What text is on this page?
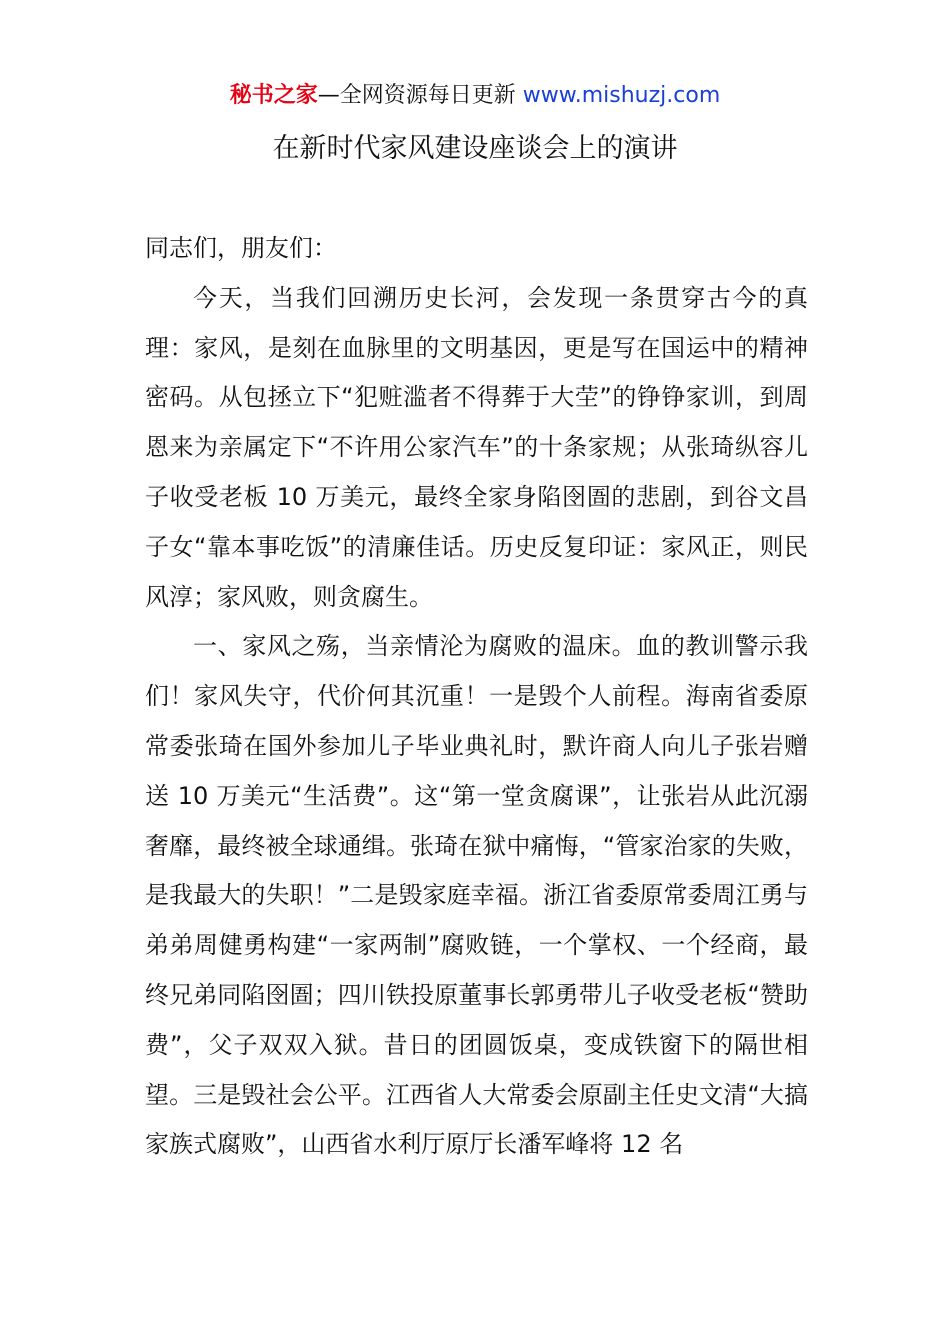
秘书之家—全网资源每日更新 www.mishuzj.com
在新时代家风建设座谈会上的演讲

同志们，朋友们：

今天，当我们回溯历史长河，会发现一条贯穿古今的真理：家风，是刻在血脉里的文明基因，更是写在国运中的精神密码。从包拯立下“犯赃滥者不得葬于大茔”的铮铮家训，到周恩来为亲属定下“不许用公家汽车”的十条家规；从张琦纵容儿子收受老板 10 万美元，最终全家身陷囹圄的悲剧，到谷文昌子女“靠本事吃饭”的清廉佳话。历史反复印证：家风正，则民风淳；家风败，则贪腐生。

一、家风之殇，当亲情沦为腐败的温床。血的教训警示我们！家风失守，代价何其沉重！一是毁个人前程。海南省委原常委张琦在国外参加儿子毕业典礼时，默许商人向儿子张岩赠送 10 万美元“生活费”。这“第一堂贪腐课”，让张岩从此沉溺奢靡，最终被全球通缉。张琦在狱中痛悔，“管家治家的失败，是我最大的失职！”二是毁家庭幸福。浙江省委原常委周江勇与弟弟周健勇构建“一家两制”腐败链，一个掌权、一个经商，最终兄弟同陷囹圄；四川铁投原董事长郭勇带儿子收受老板“赞助费”，父子双双入狱。昔日的团圆饭桌，变成铁窗下的隔世相望。三是毁社会公平。江西省人大常委会原副主任史文清“大搞家族式腐败”，山西省水利厅原厅长潘军峰将 12 名
